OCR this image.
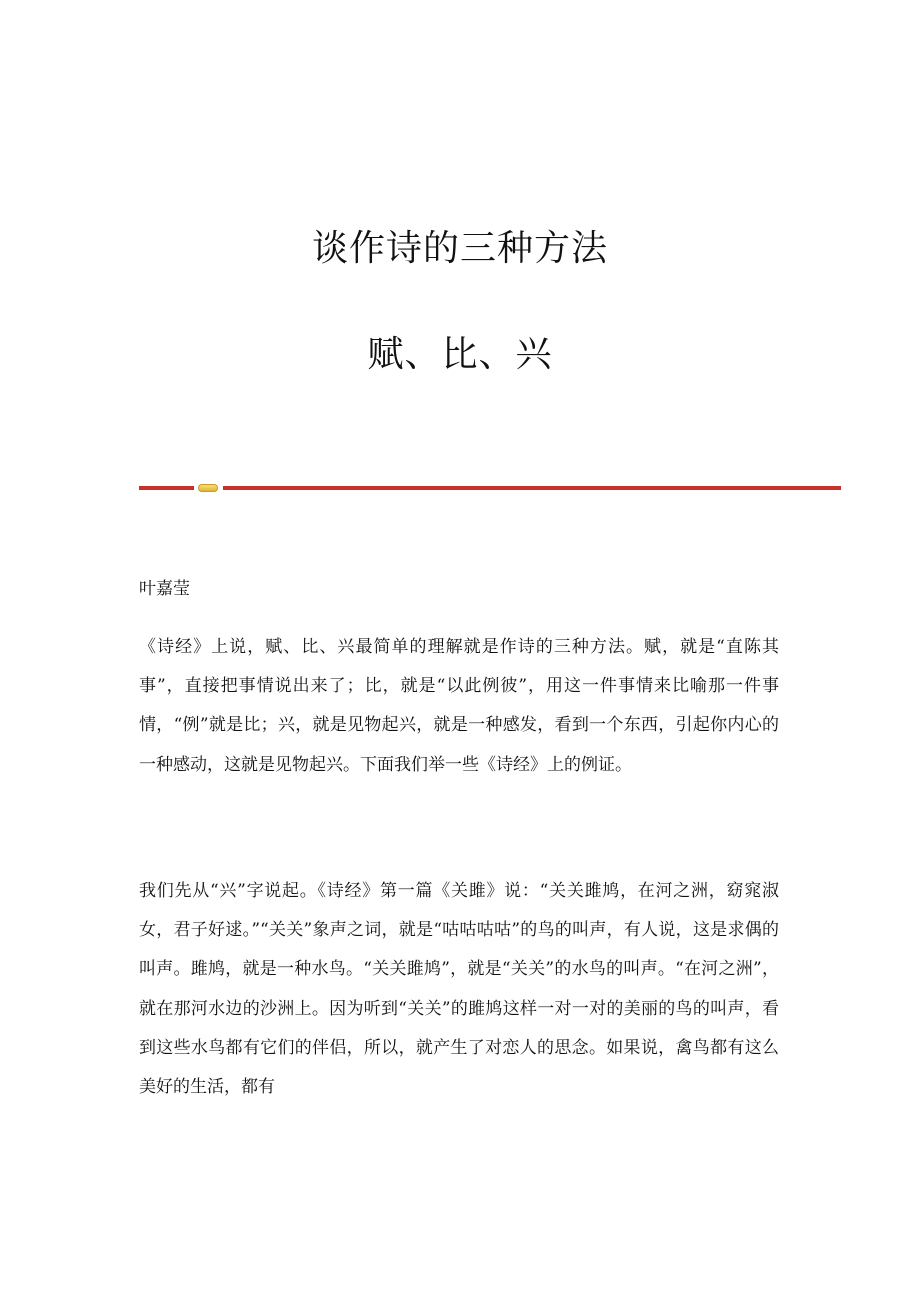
谈作诗的三种方法
赋、比、兴

叶嘉莹

《诗经》上说，赋、比、兴最简单的理解就是作诗的三种方法。赋，就是“直陈其事”，直接把事情说出来了；比，就是“以此例彼”，用这一件事情来比喻那一件事情，“例”就是比；兴，就是见物起兴，就是一种感发，看到一个东西，引起你内心的一种感动，这就是见物起兴。下面我们举一些《诗经》上的例证。

我们先从“兴”字说起。《诗经》第一篇《关雎》说：“关关雎鸠，在河之洲，窈窕淑女，君子好逑。”“关关”象声之词，就是“咕咕咕咕”的鸟的叫声，有人说，这是求偶的叫声。雎鸠，就是一种水鸟。“关关雎鸠”，就是“关关”的水鸟的叫声。“在河之洲”，就在那河水边的沙洲上。因为听到“关关”的雎鸠这样一对一对的美丽的鸟的叫声，看到这些水鸟都有它们的伴侣，所以，就产生了对恋人的思念。如果说，禽鸟都有这么美好的生活，都有
